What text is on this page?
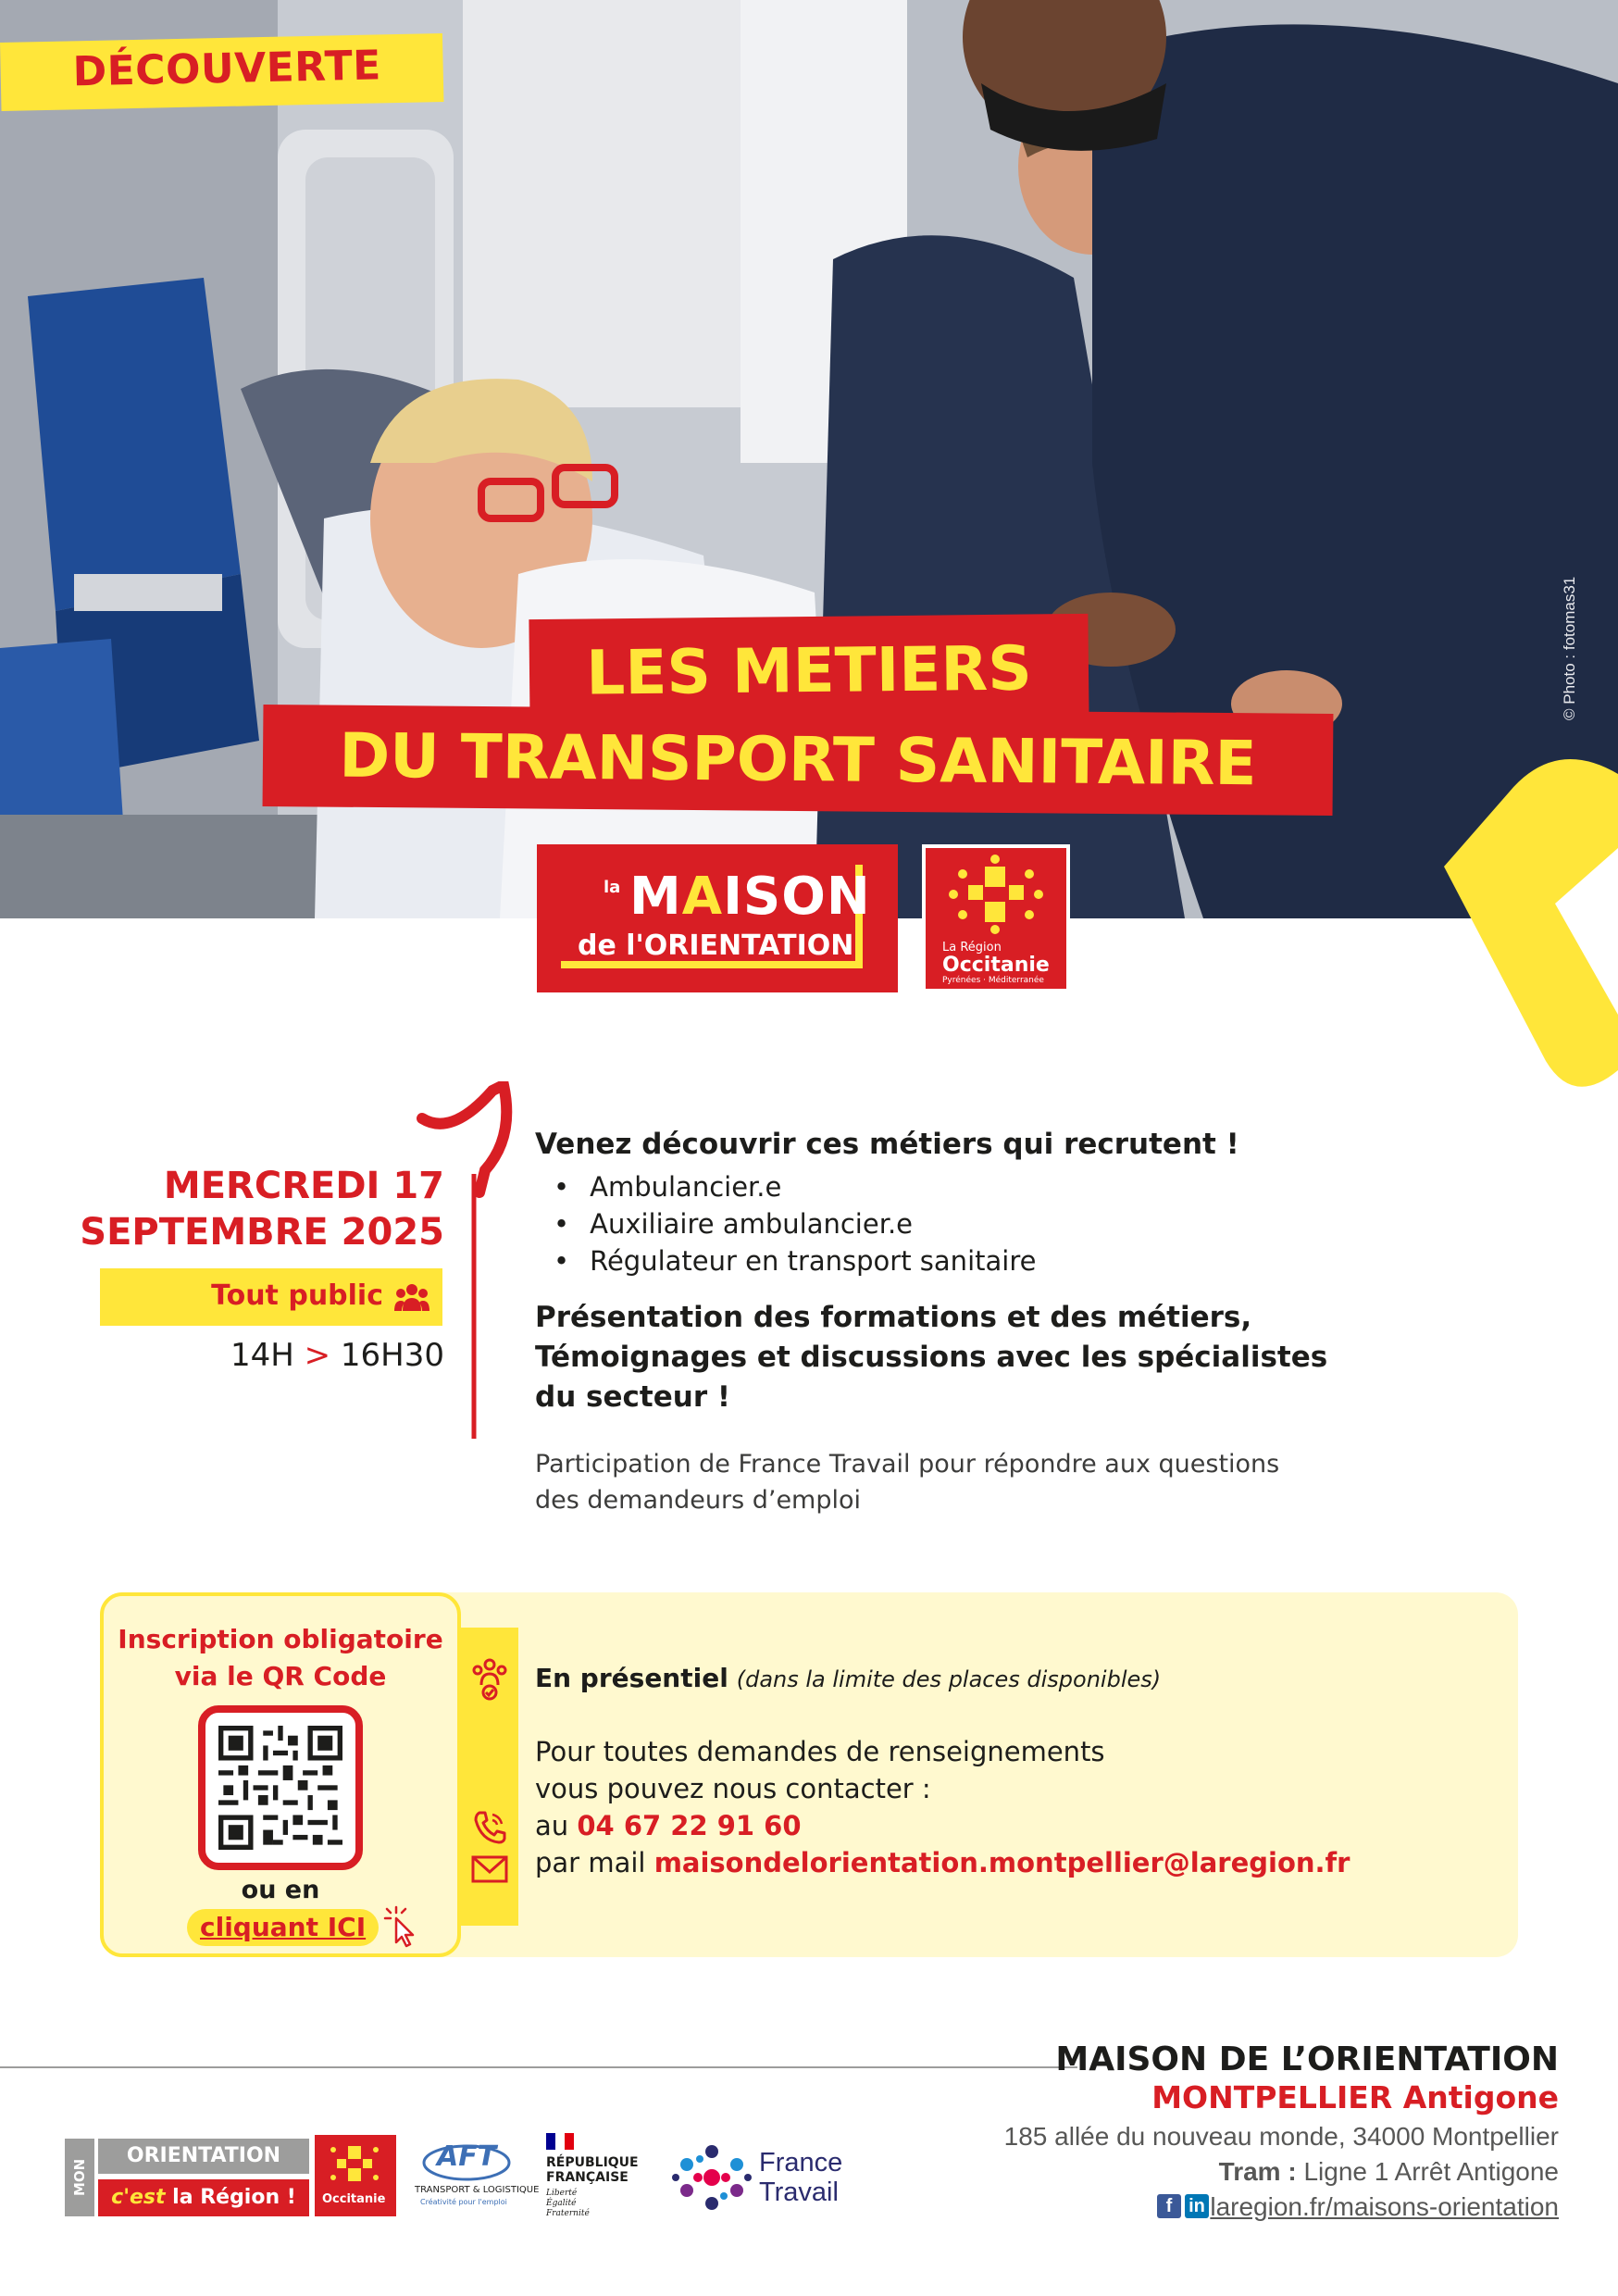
© Photo : fotomas31
DÉCOUVERTE
LES METIERS
DU TRANSPORT SANITAIRE
la MAISON
de l'ORIENTATION	La Région
Occitanie
Pyrénées · Méditerranée
MERCREDI 17
SEPTEMBRE 2025
Tout public
14H > 16H30
Venez découvrir ces métiers qui recrutent !
• Ambulancier.e
• Auxiliaire ambulancier.e
• Régulateur en transport sanitaire
Présentation des formations et des métiers,
Témoignages et discussions avec les spécialistes
du secteur !
Participation de France Travail pour répondre aux questions
des demandeurs d’emploi
Inscription obligatoire
via le QR Code
ou en
cliquant ICI
En présentiel (dans la limite des places disponibles)
Pour toutes demandes de renseignements
vous pouvez nous contacter :
au 04 67 22 91 60
par mail maisondelorientation.montpellier@laregion.fr
MAISON DE L’ORIENTATION
MONTPELLIER Antigone
185 allée du nouveau monde, 34000 Montpellier
Tram : Ligne 1 Arrêt Antigone
f in laregion.fr/maisons-orientation
MON
ORIENTATION
c'est la Région !	Occitanie
AFT
TRANSPORT & LOGISTIQUE
Créativité pour l'emploi
RÉPUBLIQUE
FRANÇAISE
Liberté
Égalité
Fraternité
France
Travail
